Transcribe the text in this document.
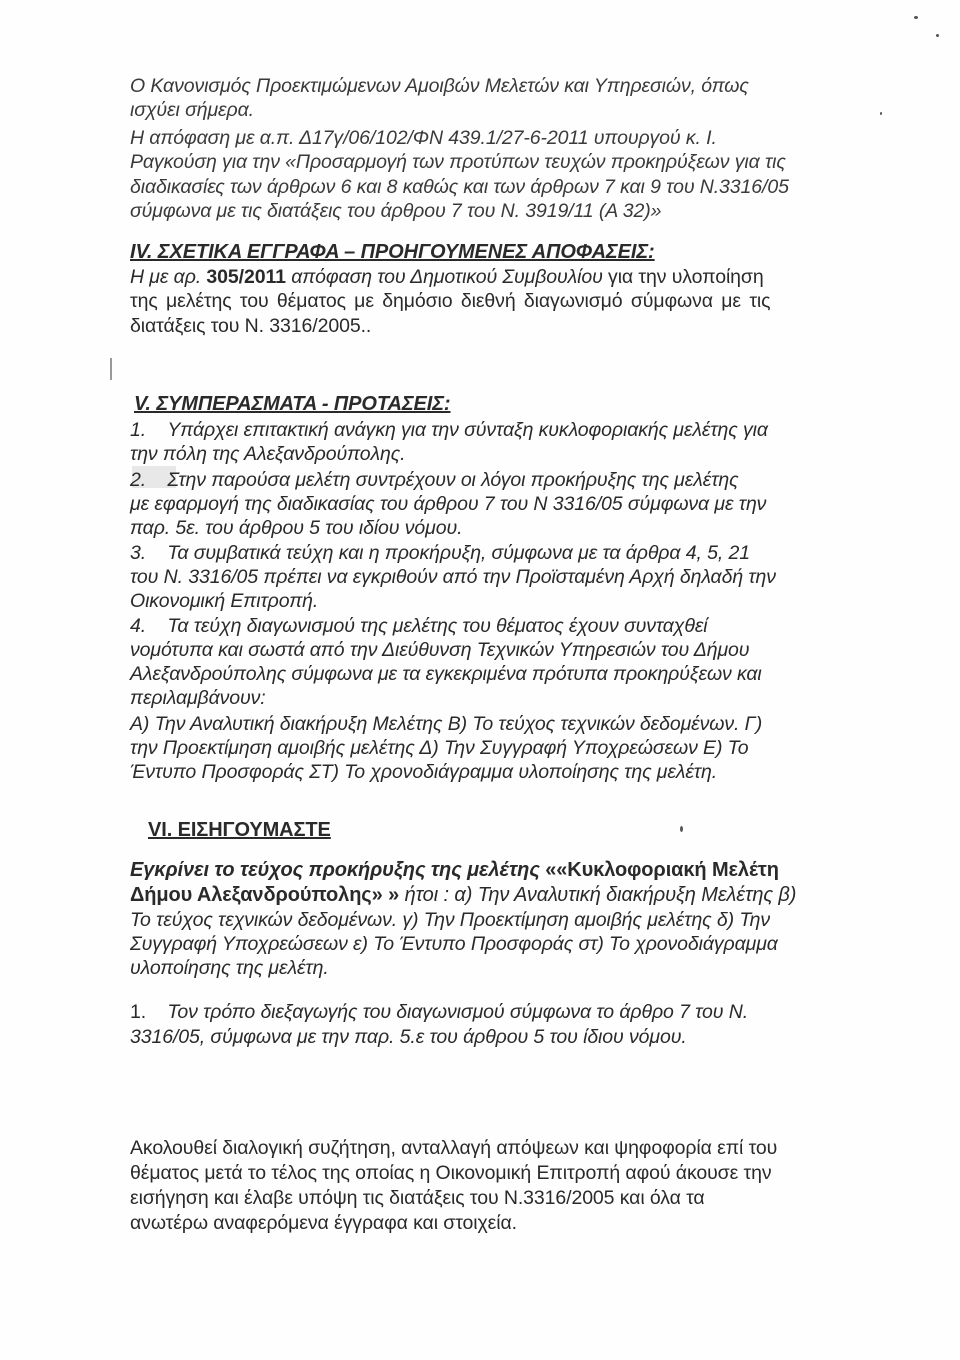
Ο Κανονισμός Προεκτιμώμενων Αμοιβών Μελετών και Υπηρεσιών, όπως
ισχύει σήμερα.
Η απόφαση με α.π. Δ17γ/06/102/ΦΝ 439.1/27-6-2011 υπουργού κ. Ι.
Ραγκούση για την «Προσαρμογή των προτύπων τευχών προκηρύξεων για τις
διαδικασίες των άρθρων 6 και 8 καθώς και των άρθρων 7 και 9 του Ν.3316/05
σύμφωνα με τις διατάξεις του άρθρου 7 του Ν. 3919/11 (Α 32)»
IV. ΣΧΕΤΙΚΑ ΕΓΓΡΑΦΑ – ΠΡΟΗΓΟΥΜΕΝΕΣ ΑΠΟΦΑΣΕΙΣ:
Η με αρ. 305/2011 απόφαση του Δημοτικού Συμβουλίου για την υλοποίηση
της μελέτης του θέματος με δημόσιο διεθνή διαγωνισμό σύμφωνα με τις
διατάξεις του Ν. 3316/2005..
V. ΣΥΜΠΕΡΑΣΜΑΤΑ - ΠΡΟΤΑΣΕΙΣ:
1. Υπάρχει επιτακτική ανάγκη για την σύνταξη κυκλοφοριακής μελέτης για
την πόλη της Αλεξανδρούπολης.
2. Στην παρούσα μελέτη συντρέχουν οι λόγοι προκήρυξης της μελέτης
με εφαρμογή της διαδικασίας του άρθρου 7 του Ν 3316/05 σύμφωνα με την
παρ. 5ε. του άρθρου 5 του ιδίου νόμου.
3. Τα συμβατικά τεύχη και η προκήρυξη, σύμφωνα με τα άρθρα 4, 5, 21
του Ν. 3316/05 πρέπει να εγκριθούν από την Προϊσταμένη Αρχή δηλαδή την
Οικονομική Επιτροπή.
4. Τα τεύχη διαγωνισμού της μελέτης του θέματος έχουν συνταχθεί
νομότυπα και σωστά από την Διεύθυνση Τεχνικών Υπηρεσιών του Δήμου
Αλεξανδρούπολης σύμφωνα με τα εγκεκριμένα πρότυπα προκηρύξεων και
περιλαμβάνουν:
Α) Την Αναλυτική διακήρυξη Μελέτης Β) Το τεύχος τεχνικών δεδομένων. Γ)
την Προεκτίμηση αμοιβής μελέτης Δ) Την Συγγραφή Υποχρεώσεων Ε) Το
Έντυπο Προσφοράς ΣΤ) Το χρονοδιάγραμμα υλοποίησης της μελέτη.
VI. ΕΙΣΗΓΟΥΜΑΣΤΕ
Εγκρίνει το τεύχος προκήρυξης της μελέτης ««Κυκλοφοριακή Μελέτη
Δήμου Αλεξανδρούπολης» » ήτοι : α) Την Αναλυτική διακήρυξη Μελέτης β)
Το τεύχος τεχνικών δεδομένων. γ) Την Προεκτίμηση αμοιβής μελέτης δ) Την
Συγγραφή Υποχρεώσεων ε) Το Έντυπο Προσφοράς στ) Το χρονοδιάγραμμα
υλοποίησης της μελέτη.
1. Τον τρόπο διεξαγωγής του διαγωνισμού σύμφωνα το άρθρο 7 του Ν.
3316/05, σύμφωνα με την παρ. 5.ε του άρθρου 5 του ίδιου νόμου.
Ακολουθεί διαλογική συζήτηση, ανταλλαγή απόψεων και ψηφοφορία επί του
θέματος μετά το τέλος της οποίας η Οικονομική Επιτροπή αφού άκουσε την
εισήγηση και έλαβε υπόψη τις διατάξεις του Ν.3316/2005 και όλα τα
ανωτέρω αναφερόμενα έγγραφα και στοιχεία.
